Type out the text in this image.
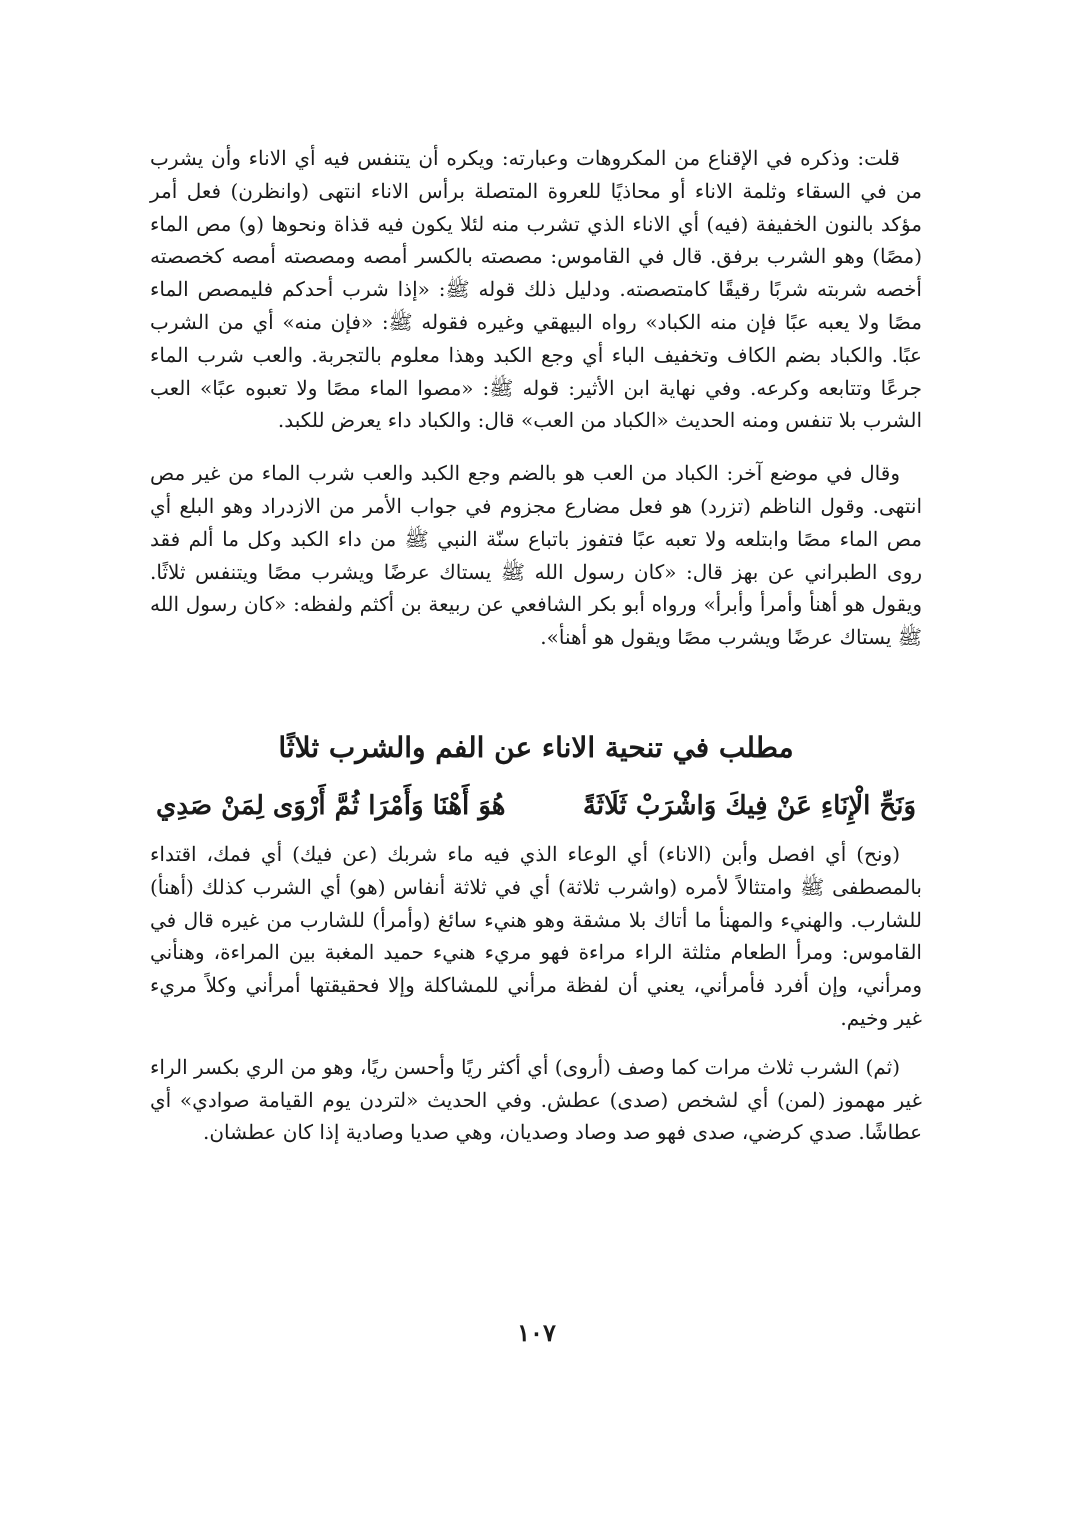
قلت: وذكره في الإقناع من المكروهات وعبارته: ويكره أن يتنفس فيه أي الاناء وأن يشرب من في السقاء وثلمة الاناء أو محاذيًا للعروة المتصلة برأس الاناء انتهى (وانظرن) فعل أمر مؤكد بالنون الخفيفة (فيه) أي الاناء الذي تشرب منه لئلا يكون فيه قذاة ونحوها (و) مص الماء (مصًا) وهو الشرب برفق. قال في القاموس: مصصته بالكسر أمصه ومصصته أمصه كخصصته أخصه شربته شربًا رقيقًا كامتصصته. ودليل ذلك قوله ﷺ: «إذا شرب أحدكم فليمصص الماء مصًا ولا يعبه عبًا فإن منه الكباد» رواه البيهقي وغيره فقوله ﷺ: «فإن منه» أي من الشرب عبًا. والكباد بضم الكاف وتخفيف الباء أي وجع الكبد وهذا معلوم بالتجربة. والعب شرب الماء جرعًا وتتابعه وكرعه. وفي نهاية ابن الأثير: قوله ﷺ: «مصوا الماء مصًا ولا تعبوه عبًا» العب الشرب بلا تنفس ومنه الحديث «الكباد من العب» قال: والكباد داء يعرض للكبد.

وقال في موضع آخر: الكباد من العب هو بالضم وجع الكبد والعب شرب الماء من غير مص انتهى. وقول الناظم (تزرد) هو فعل مضارع مجزوم في جواب الأمر من الازدراد وهو البلع أي مص الماء مصًا وابتلعه ولا تعبه عبًا فتفوز باتباع سنّة النبي ﷺ من داء الكبد وكل ما ألم فقد روى الطبراني عن بهز قال: «كان رسول الله ﷺ يستاك عرضًا ويشرب مصًا ويتنفس ثلاثًا. ويقول هو أهنأ وأمرأ وأبرأ» ورواه أبو بكر الشافعي عن ربيعة بن أكثم ولفظه: «كان رسول الله ﷺ يستاك عرضًا ويشرب مصًا ويقول هو أهنأ».

مطلب في تنحية الاناء عن الفم والشرب ثلاثًا
وَنَحِّ الْإِنَاءِ عَنْ فِيكَ وَاشْرَبْ ثَلَاثَةً
هُوَ أَهْنَا وَأَمْرَا ثُمَّ أَرْوَى لِمَنْ صَدِي

(ونح) أي افصل وأبن (الاناء) أي الوعاء الذي فيه ماء شربك (عن فيك) أي فمك، اقتداء بالمصطفى ﷺ وامتثالاً لأمره (واشرب ثلاثة) أي في ثلاثة أنفاس (هو) أي الشرب كذلك (أهنأ) للشارب. والهنيء والمهنأ ما أتاك بلا مشقة وهو هنيء سائغ (وأمرأ) للشارب من غيره قال في القاموس: ومرأ الطعام مثلثة الراء مراءة فهو مريء هنيء حميد المغبة بين المراءة، وهنأني ومرأني، وإن أفرد فأمرأني، يعني أن لفظة مرأني للمشاكلة وإلا فحقيقتها أمرأني وكلاً مريء غير وخيم.

(ثم) الشرب ثلاث مرات كما وصف (أروى) أي أكثر ريًا وأحسن ريًا، وهو من الري بكسر الراء غير مهموز (لمن) أي لشخص (صدى) عطش. وفي الحديث «لتردن يوم القيامة صوادي» أي عطاشًا. صدي كرضي، صدى فهو صد وصاد وصديان، وهي صديا وصادية إذا كان عطشان.

١٠٧
